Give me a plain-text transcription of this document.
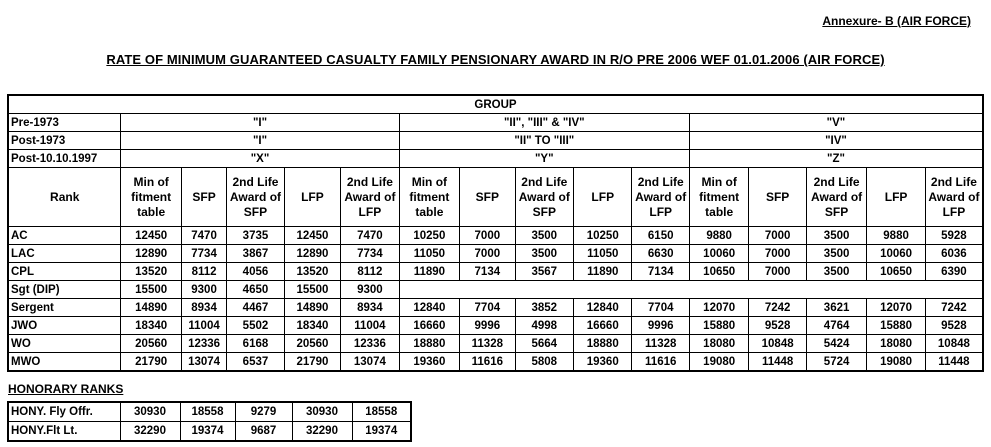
Annexure- B (AIR FORCE)
RATE OF MINIMUM GUARANTEED CASUALTY FAMILY PENSIONARY AWARD IN R/O PRE 2006 WEF 01.01.2006 (AIR FORCE)
GROUP															
Pre-1973	"I"					"II", "III" & "IV"					"V"				
Post-1973	"I"					"II" TO "III"					"IV"				
Post-10.10.1997	"X"					"Y"					"Z"				
Rank	Min of fitment table	SFP	2nd Life Award of SFP	LFP	2nd Life Award of LFP	Min of fitment table	SFP	2nd Life Award of SFP	LFP	2nd Life Award of LFP	Min of fitment table	SFP	2nd Life Award of SFP	LFP	2nd Life Award of LFP
AC	12450	7470	3735	12450	7470	10250	7000	3500	10250	6150	9880	7000	3500	9880	5928
LAC	12890	7734	3867	12890	7734	11050	7000	3500	11050	6630	10060	7000	3500	10060	6036
CPL	13520	8112	4056	13520	8112	11890	7134	3567	11890	7134	10650	7000	3500	10650	6390
Sgt (DIP)	15500	9300	4650	15500	9300										
Sergent	14890	8934	4467	14890	8934	12840	7704	3852	12840	7704	12070	7242	3621	12070	7242
JWO	18340	11004	5502	18340	11004	16660	9996	4998	16660	9996	15880	9528	4764	15880	9528
WO	20560	12336	6168	20560	12336	18880	11328	5664	18880	11328	18080	10848	5424	18080	10848
MWO	21790	13074	6537	21790	13074	19360	11616	5808	19360	11616	19080	11448	5724	19080	11448
HONORARY RANKS
HONY. Fly Offr.	30930	18558	9279	30930	18558
HONY.Flt Lt.	32290	19374	9687	32290	19374
